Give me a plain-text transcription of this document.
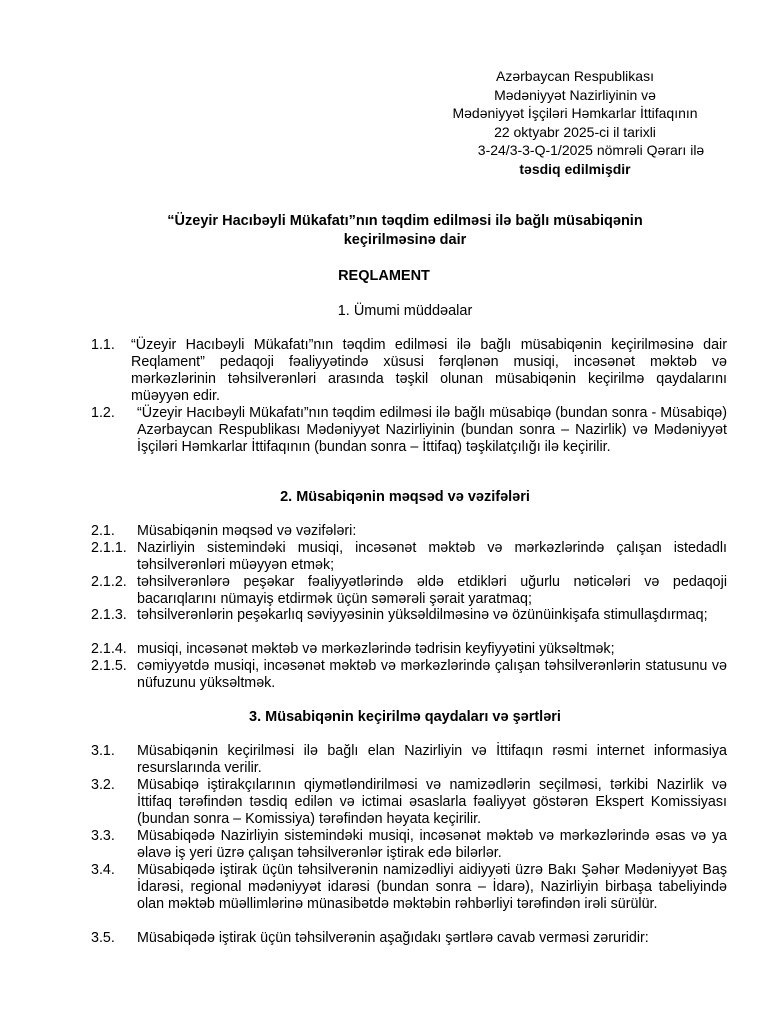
Azərbaycan Respublikası
Mədəniyyət Nazirliyinin və
Mədəniyyət İşçiləri Həmkarlar İttifaqının
22 oktyabr 2025-ci il tarixli
3-24/3-3-Q-1/2025 nömrəli Qərarı ilə
təsdiq edilmişdir
“Üzeyir Hacıbəyli Mükafatı”nın təqdim edilməsi ilə bağlı müsabiqənin keçirilməsinə dair
REQLAMENT
1. Ümumi müddəalar
1.1. “Üzeyir Hacıbəyli Mükafatı”nın təqdim edilməsi ilə bağlı müsabiqənin keçirilməsinə dair Reqlament” pedaqoji fəaliyyətində xüsusi fərqlənən musiqi, incəsənət məktəb və mərkəzlərinin təhsilverənləri arasında təşkil olunan müsabiqənin keçirilmə qaydalarını müəyyən edir.
1.2. “Üzeyir Hacıbəyli Mükafatı”nın təqdim edilməsi ilə bağlı müsabiqə (bundan sonra - Müsabiqə) Azərbaycan Respublikası Mədəniyyət Nazirliyinin (bundan sonra – Nazirlik) və Mədəniyyət İşçiləri Həmkarlar İttifaqının (bundan sonra – İttifaq) təşkilatçılığı ilə keçirilir.
2. Müsabiqənin məqsəd və vəzifələri
2.1. Müsabiqənin məqsəd və vəzifələri:
2.1.1. Nazirliyin sistemindəki musiqi, incəsənət məktəb və mərkəzlərində çalışan istedadlı təhsilverənləri müəyyən etmək;
2.1.2. təhsilverənlərə peşəkar fəaliyyətlərində əldə etdikləri uğurlu nəticələri və pedaqoji bacarıqlarını nümayiş etdirmək üçün səmərəli şərait yaratmaq;
2.1.3. təhsilverənlərin peşəkarlıq səviyyəsinin yüksəldilməsinə və özünüinkişafa stimullaşdırmaq;
2.1.4. musiqi, incəsənət məktəb və mərkəzlərində tədrisin keyfiyyətini yüksəltmək;
2.1.5. cəmiyyətdə musiqi, incəsənət məktəb və mərkəzlərində çalışan təhsilverənlərin statusunu və nüfuzunu yüksəltmək.
3. Müsabiqənin keçirilmə qaydaları və şərtləri
3.1. Müsabiqənin keçirilməsi ilə bağlı elan Nazirliyin və İttifaqın rəsmi internet informasiya resurslarında verilir.
3.2. Müsabiqə iştirakçılarının qiymətləndirilməsi və namizədlərin seçilməsi, tərkibi Nazirlik və İttifaq tərəfindən təsdiq edilən və ictimai əsaslarla fəaliyyət göstərən Ekspert Komissiyası (bundan sonra – Komissiya) tərəfindən həyata keçirilir.
3.3. Müsabiqədə Nazirliyin sistemindəki musiqi, incəsənət məktəb və mərkəzlərində əsas və ya əlavə iş yeri üzrə çalışan təhsilverənlər iştirak edə bilərlər.
3.4. Müsabiqədə iştirak üçün təhsilverənin namizədliyi aidiyyəti üzrə Bakı Şəhər Mədəniyyət Baş İdarəsi, regional mədəniyyət idarəsi (bundan sonra – İdarə), Nazirliyin birbaşa tabeliyində olan məktəb müəllimlərinə münasibətdə məktəbin rəhbərliyi tərəfindən irəli sürülür.
3.5. Müsabiqədə iştirak üçün təhsilverənin aşağıdakı şərtlərə cavab verməsi zəruridir:
